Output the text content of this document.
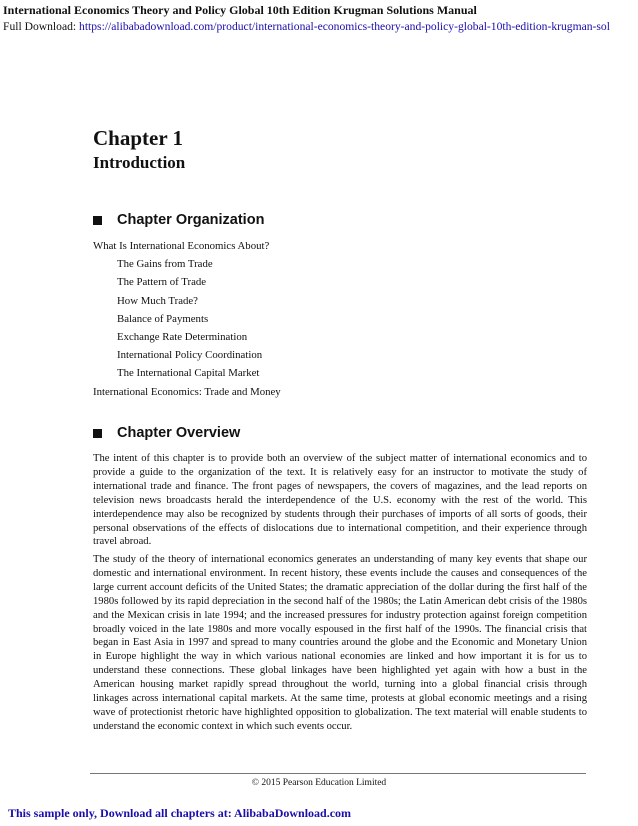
International Economics Theory and Policy Global 10th Edition Krugman Solutions Manual
Full Download: https://alibabadownload.com/product/international-economics-theory-and-policy-global-10th-edition-krugman-sol
Chapter 1
Introduction
Chapter Organization
What Is International Economics About?
The Gains from Trade
The Pattern of Trade
How Much Trade?
Balance of Payments
Exchange Rate Determination
International Policy Coordination
The International Capital Market
International Economics: Trade and Money
Chapter Overview

The intent of this chapter is to provide both an overview of the subject matter of international economics and to provide a guide to the organization of the text. It is relatively easy for an instructor to motivate the study of international trade and finance. The front pages of newspapers, the covers of magazines, and the lead reports on television news broadcasts herald the interdependence of the U.S. economy with the rest of the world. This interdependence may also be recognized by students through their purchases of imports of all sorts of goods, their personal observations of the effects of dislocations due to international competition, and their experience through travel abroad.

The study of the theory of international economics generates an understanding of many key events that shape our domestic and international environment. In recent history, these events include the causes and consequences of the large current account deficits of the United States; the dramatic appreciation of the dollar during the first half of the 1980s followed by its rapid depreciation in the second half of the 1980s; the Latin American debt crisis of the 1980s and the Mexican crisis in late 1994; and the increased pressures for industry protection against foreign competition broadly voiced in the late 1980s and more vocally espoused in the first half of the 1990s. The financial crisis that began in East Asia in 1997 and spread to many countries around the globe and the Economic and Monetary Union in Europe highlight the way in which various national economies are linked and how important it is for us to understand these connections. These global linkages have been highlighted yet again with how a bust in the American housing market rapidly spread throughout the world, turning into a global financial crisis through linkages across international capital markets. At the same time, protests at global economic meetings and a rising wave of protectionist rhetoric have highlighted opposition to globalization. The text material will enable students to understand the economic context in which such events occur.

© 2015 Pearson Education Limited
This sample only, Download all chapters at: AlibabaDownload.com
